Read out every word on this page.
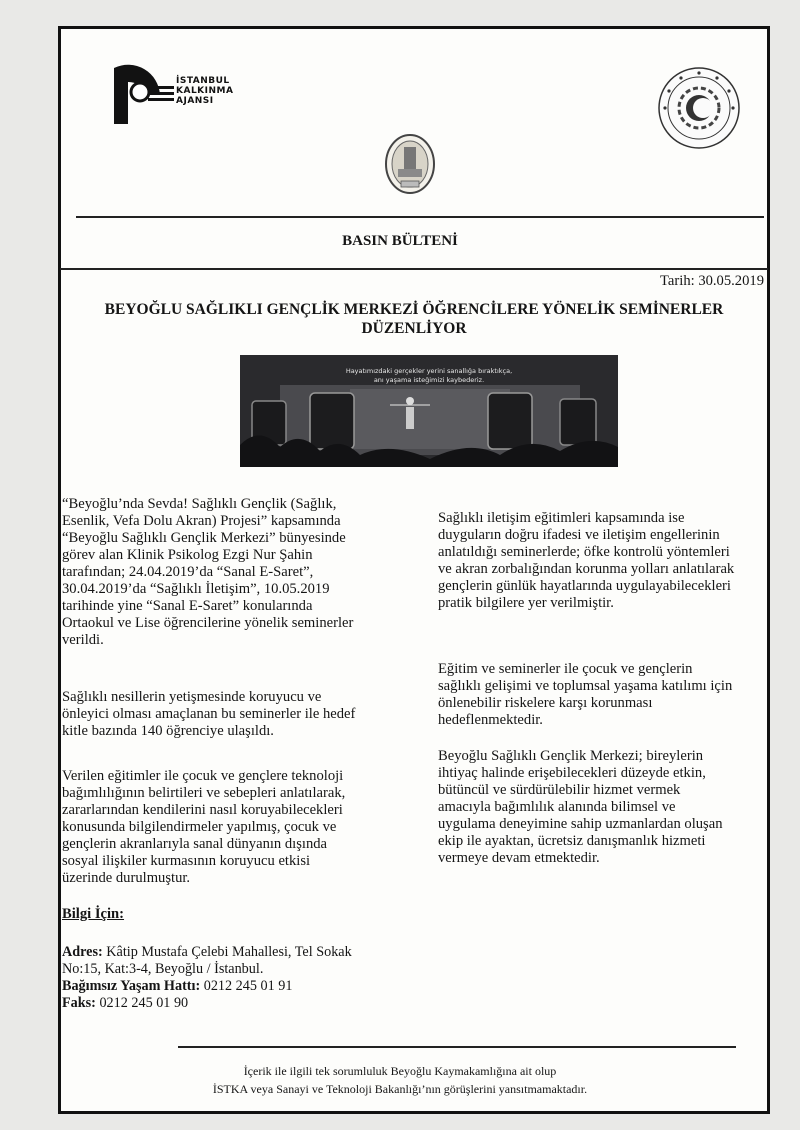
İSTANBUL
KALKINMA
AJANSI
BASIN BÜLTENİ
Tarih: 30.05.2019
BEYOĞLU SAĞLIKLI GENÇLİK MERKEZİ ÖĞRENCİLERE YÖNELİK SEMİNERLER
DÜZENLİYOR
Hayatımızdaki gerçekler yerini sanallığa bıraktıkça,
anı yaşama isteğimizi kaybederiz.
“Beyoğlu’nda Sevda! Sağlıklı Gençlik (Sağlık,
Esenlik, Vefa Dolu Akran) Projesi” kapsamında
“Beyoğlu Sağlıklı Gençlik Merkezi” bünyesinde
görev alan Klinik Psikolog Ezgi Nur Şahin
tarafından; 24.04.2019’da “Sanal E-Saret”,
30.04.2019’da “Sağlıklı İletişim”, 10.05.2019
tarihinde yine “Sanal E-Saret” konularında
Ortaokul ve Lise öğrencilerine yönelik seminerler
verildi.
Sağlıklı nesillerin yetişmesinde koruyucu ve
önleyici olması amaçlanan bu seminerler ile hedef
kitle bazında 140 öğrenciye ulaşıldı.
Verilen eğitimler ile çocuk ve gençlere teknoloji
bağımlılığının belirtileri ve sebepleri anlatılarak,
zararlarından kendilerini nasıl koruyabilecekleri
konusunda bilgilendirmeler yapılmış, çocuk ve
gençlerin akranlarıyla sanal dünyanın dışında
sosyal ilişkiler kurmasının koruyucu etkisi
üzerinde durulmuştur.
Sağlıklı iletişim eğitimleri kapsamında ise
duyguların doğru ifadesi ve iletişim engellerinin
anlatıldığı seminerlerde; öfke kontrolü yöntemleri
ve akran zorbalığından korunma yolları anlatılarak
gençlerin günlük hayatlarında uygulayabilecekleri
pratik bilgilere yer verilmiştir.
Eğitim ve seminerler ile çocuk ve gençlerin
sağlıklı gelişimi ve toplumsal yaşama katılımı için
önlenebilir riskelere karşı korunması
hedeflenmektedir.
Beyoğlu Sağlıklı Gençlik Merkezi; bireylerin
ihtiyaç halinde erişebilecekleri düzeyde etkin,
bütüncül ve sürdürülebilir hizmet vermek
amacıyla bağımlılık alanında bilimsel ve
uygulama deneyimine sahip uzmanlardan oluşan
ekip ile ayaktan, ücretsiz danışmanlık hizmeti
vermeye devam etmektedir.
Bilgi İçin:
Adres: Kâtip Mustafa Çelebi Mahallesi, Tel Sokak
No:15, Kat:3-4, Beyoğlu / İstanbul.
Bağımsız Yaşam Hattı: 0212 245 01 91
Faks: 0212 245 01 90
İçerik ile ilgili tek sorumluluk Beyoğlu Kaymakamlığına ait olup
İSTKA veya Sanayi ve Teknoloji Bakanlığı’nın görüşlerini yansıtmamaktadır.
